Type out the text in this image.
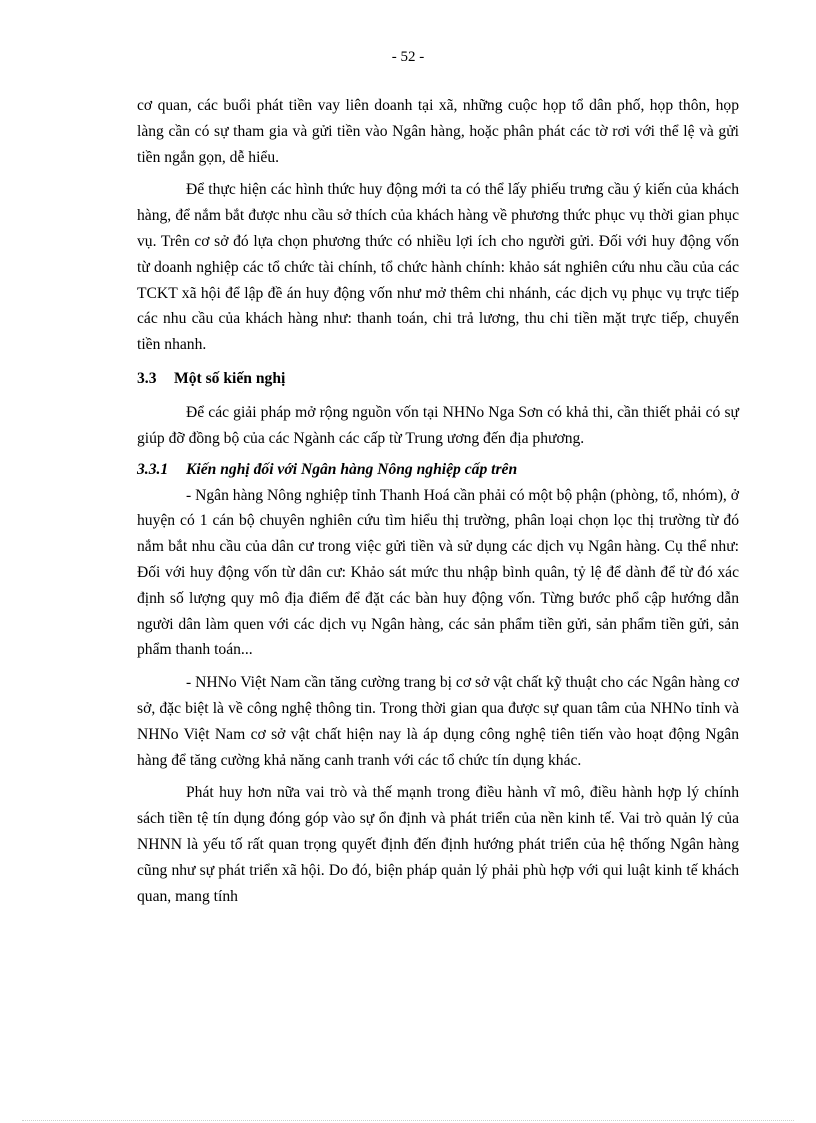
- 52 -

cơ quan, các buổi phát tiền vay liên doanh tại xã, những cuộc họp tổ dân phố, họp thôn, họp làng cần có sự tham gia và gửi tiền vào Ngân hàng, hoặc phân phát các tờ rơi với thể lệ và gửi tiền ngắn gọn, dễ hiểu.

Để thực hiện các hình thức huy động mới ta có thể lấy phiếu trưng cầu ý kiến của khách hàng, để nắm bắt được nhu cầu sở thích của khách hàng về phương thức phục vụ thời gian phục vụ. Trên cơ sở đó lựa chọn phương thức có nhiều lợi ích cho người gửi. Đối với huy động vốn từ doanh nghiệp các tổ chức tài chính, tổ chức hành chính: khảo sát nghiên cứu nhu cầu của các TCKT xã hội để lập đề án huy động vốn như mở thêm chi nhánh, các dịch vụ phục vụ trực tiếp các nhu cầu của khách hàng như: thanh toán, chi trả lương, thu chi tiền mặt trực tiếp, chuyển tiền nhanh.

3.3 Một số kiến nghị

Để các giải pháp mở rộng nguồn vốn tại NHNo Nga Sơn có khả thi, cần thiết phải có sự giúp đỡ đồng bộ của các Ngành các cấp từ Trung ương đến địa phương.

3.3.1 Kiến nghị đối với Ngân hàng Nông nghiệp cấp trên

- Ngân hàng Nông nghiệp tỉnh Thanh Hoá cần phải có một bộ phận (phòng, tổ, nhóm), ở huyện có 1 cán bộ chuyên nghiên cứu tìm hiểu thị trường, phân loại chọn lọc thị trường từ đó nắm bắt nhu cầu của dân cư trong việc gửi tiền và sử dụng các dịch vụ Ngân hàng. Cụ thể như: Đối với huy động vốn từ dân cư: Khảo sát mức thu nhập bình quân, tỷ lệ để dành để từ đó xác định số lượng quy mô địa điểm để đặt các bàn huy động vốn. Từng bước phổ cập hướng dẫn người dân làm quen với các dịch vụ Ngân hàng, các sản phẩm tiền gửi, sản phẩm tiền gửi, sản phẩm thanh toán...

- NHNo Việt Nam cần tăng cường trang bị cơ sở vật chất kỹ thuật cho các Ngân hàng cơ sở, đặc biệt là về công nghệ thông tin. Trong thời gian qua được sự quan tâm của NHNo tỉnh và NHNo Việt Nam cơ sở vật chất hiện nay là áp dụng công nghệ tiên tiến vào hoạt động Ngân hàng để tăng cường khả năng canh tranh với các tổ chức tín dụng khác.

Phát huy hơn nữa vai trò và thế mạnh trong điều hành vĩ mô, điều hành hợp lý chính sách tiền tệ tín dụng đóng góp vào sự ổn định và phát triển của nền kinh tế. Vai trò quản lý của NHNN là yếu tố rất quan trọng quyết định đến định hướng phát triển của hệ thống Ngân hàng cũng như sự phát triển xã hội. Do đó, biện pháp quản lý phải phù hợp với qui luật kinh tế khách quan, mang tính
